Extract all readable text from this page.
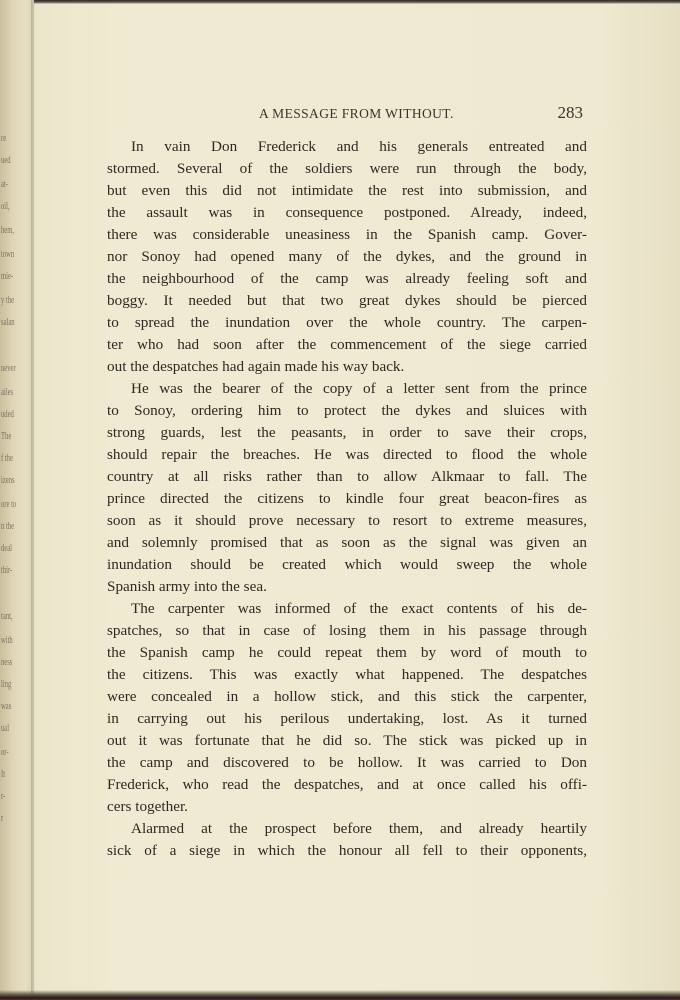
re
ued
at-
oil,
hem,
town
mie-
y the
salan
never
ailes
uded
The
f the
izens
ore to
n the
deal
thir-
tant,
with
ness
ling
was
ual
or-
It
r-
r
A MESSAGE FROM WITHOUT.	283
In vain Don Frederick and his generals entreated and
stormed. Several of the soldiers were run through the body,
but even this did not intimidate the rest into submission, and
the assault was in consequence postponed. Already, indeed,
there was considerable uneasiness in the Spanish camp. Gover-
nor Sonoy had opened many of the dykes, and the ground in
the neighbourhood of the camp was already feeling soft and
boggy. It needed but that two great dykes should be pierced
to spread the inundation over the whole country. The carpen-
ter who had soon after the commencement of the siege carried
out the despatches had again made his way back.
He was the bearer of the copy of a letter sent from the prince
to Sonoy, ordering him to protect the dykes and sluices with
strong guards, lest the peasants, in order to save their crops,
should repair the breaches. He was directed to flood the whole
country at all risks rather than to allow Alkmaar to fall. The
prince directed the citizens to kindle four great beacon-fires as
soon as it should prove necessary to resort to extreme measures,
and solemnly promised that as soon as the signal was given an
inundation should be created which would sweep the whole
Spanish army into the sea.
The carpenter was informed of the exact contents of his de-
spatches, so that in case of losing them in his passage through
the Spanish camp he could repeat them by word of mouth to
the citizens. This was exactly what happened. The despatches
were concealed in a hollow stick, and this stick the carpenter,
in carrying out his perilous undertaking, lost. As it turned
out it was fortunate that he did so. The stick was picked up in
the camp and discovered to be hollow. It was carried to Don
Frederick, who read the despatches, and at once called his offi-
cers together.
Alarmed at the prospect before them, and already heartily
sick of a siege in which the honour all fell to their opponents,
